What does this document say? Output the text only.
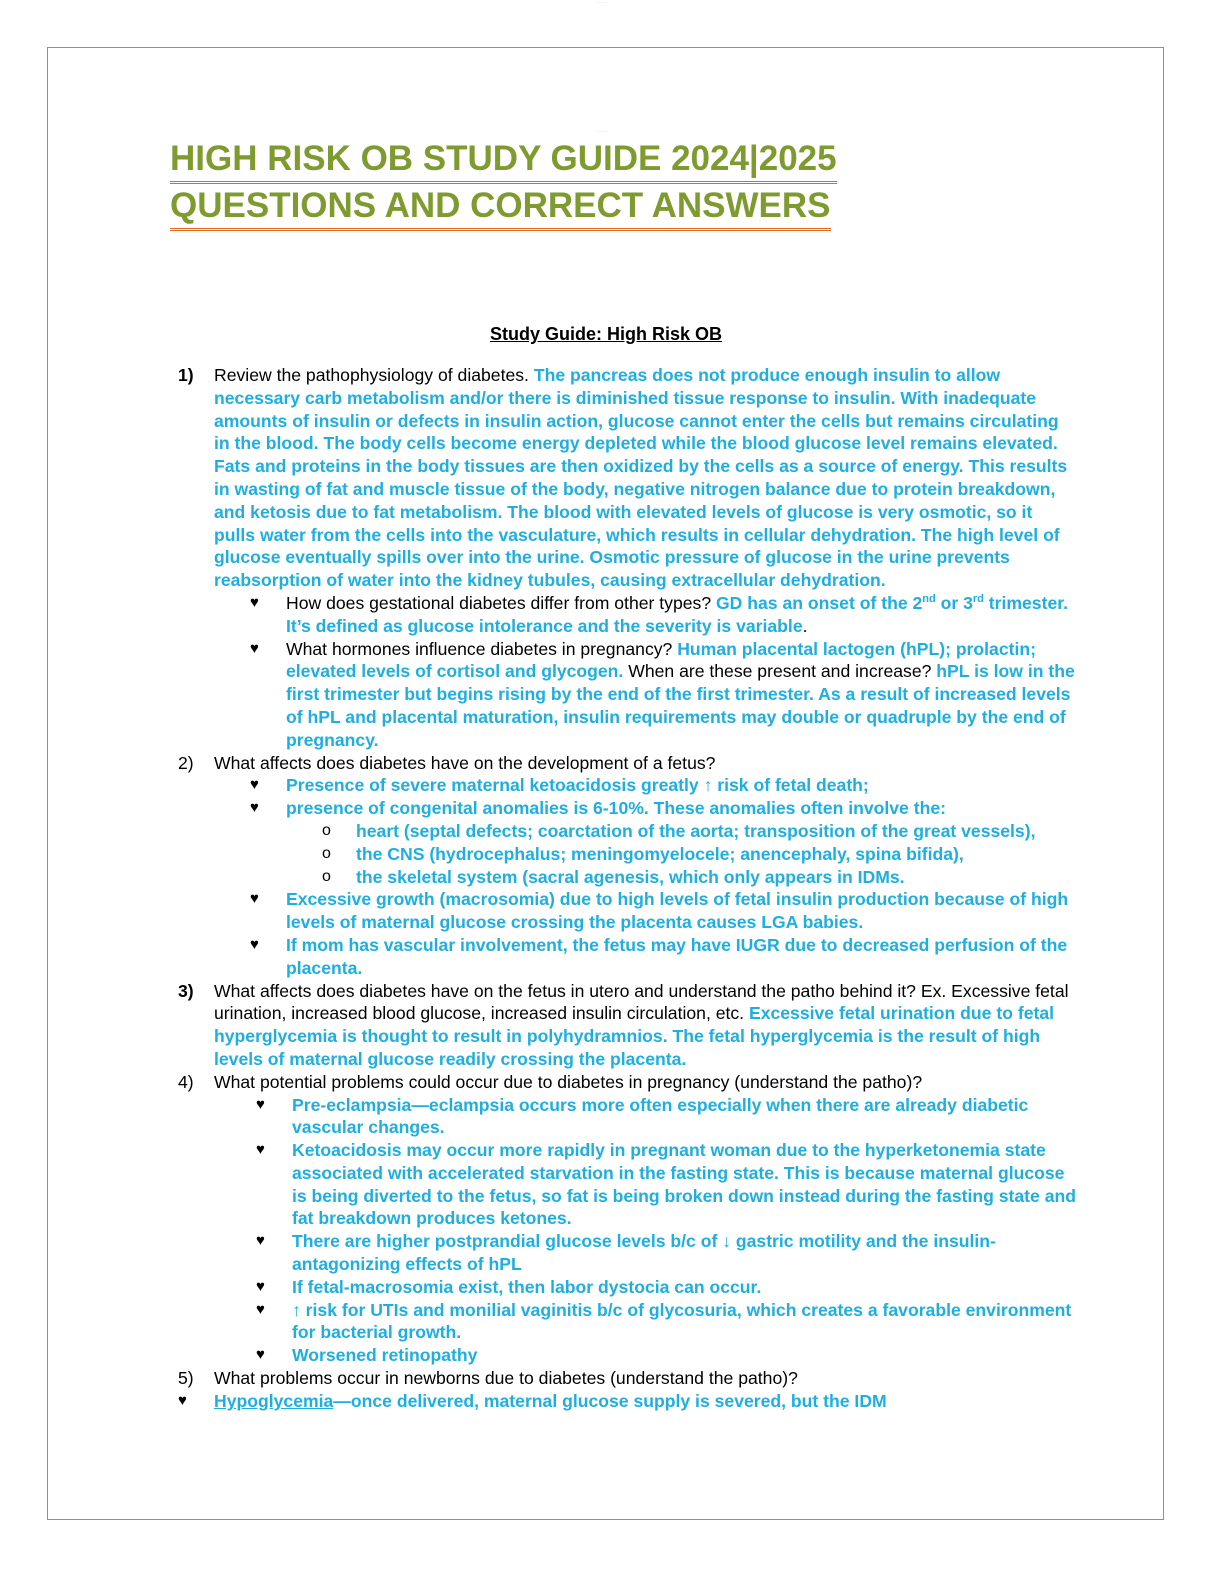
············
············
HIGH RISK OB STUDY GUIDE 2024|2025
QUESTIONS AND CORRECT ANSWERS
Study Guide: High Risk OB
1) Review the pathophysiology of diabetes. The pancreas does not produce enough insulin to allow necessary carb metabolism and/or there is diminished tissue response to insulin. With inadequate amounts of insulin or defects in insulin action, glucose cannot enter the cells but remains circulating in the blood. The body cells become energy depleted while the blood glucose level remains elevated. Fats and proteins in the body tissues are then oxidized by the cells as a source of energy. This results in wasting of fat and muscle tissue of the body, negative nitrogen balance due to protein breakdown, and ketosis due to fat metabolism. The blood with elevated levels of glucose is very osmotic, so it pulls water from the cells into the vasculature, which results in cellular dehydration. The high level of glucose eventually spills over into the urine. Osmotic pressure of glucose in the urine prevents reabsorption of water into the kidney tubules, causing extracellular dehydration.
♥ How does gestational diabetes differ from other types? GD has an onset of the 2nd or 3rd trimester. It’s defined as glucose intolerance and the severity is variable.
♥ What hormones influence diabetes in pregnancy? Human placental lactogen (hPL); prolactin; elevated levels of cortisol and glycogen. When are these present and increase? hPL is low in the first trimester but begins rising by the end of the first trimester. As a result of increased levels of hPL and placental maturation, insulin requirements may double or quadruple by the end of pregnancy.
2) What affects does diabetes have on the development of a fetus?
♥ Presence of severe maternal ketoacidosis greatly ↑ risk of fetal death;
♥ presence of congenital anomalies is 6-10%. These anomalies often involve the:
o heart (septal defects; coarctation of the aorta; transposition of the great vessels),
o the CNS (hydrocephalus; meningomyelocele; anencephaly, spina bifida),
o the skeletal system (sacral agenesis, which only appears in IDMs.
♥ Excessive growth (macrosomia) due to high levels of fetal insulin production because of high levels of maternal glucose crossing the placenta causes LGA babies.
♥ If mom has vascular involvement, the fetus may have IUGR due to decreased perfusion of the placenta.
3) What affects does diabetes have on the fetus in utero and understand the patho behind it? Ex. Excessive fetal urination, increased blood glucose, increased insulin circulation, etc. Excessive fetal urination due to fetal hyperglycemia is thought to result in polyhydramnios. The fetal hyperglycemia is the result of high levels of maternal glucose readily crossing the placenta.
4) What potential problems could occur due to diabetes in pregnancy (understand the patho)?
♥ Pre-eclampsia—eclampsia occurs more often especially when there are already diabetic vascular changes.
♥ Ketoacidosis may occur more rapidly in pregnant woman due to the hyperketonemia state associated with accelerated starvation in the fasting state. This is because maternal glucose is being diverted to the fetus, so fat is being broken down instead during the fasting state and fat breakdown produces ketones.
♥ There are higher postprandial glucose levels b/c of ↓ gastric motility and the insulin-antagonizing effects of hPL
♥ If fetal-macrosomia exist, then labor dystocia can occur.
♥ ↑ risk for UTIs and monilial vaginitis b/c of glycosuria, which creates a favorable environment for bacterial growth.
♥ Worsened retinopathy
5) What problems occur in newborns due to diabetes (understand the patho)?
♥ Hypoglycemia—once delivered, maternal glucose supply is severed, but the IDM
